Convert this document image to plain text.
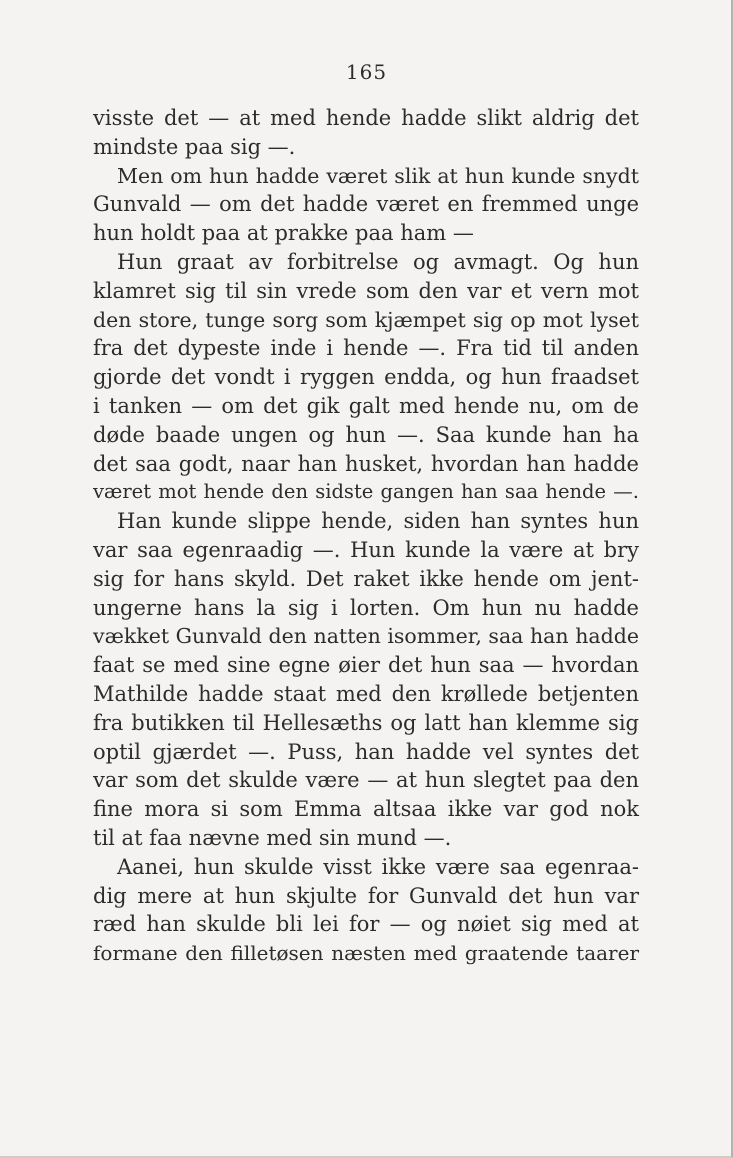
165
visste det — at med hende hadde slikt aldrig det
mindste paa sig —.
Men om hun hadde været slik at hun kunde snydt
Gunvald — om det hadde været en fremmed unge
hun holdt paa at prakke paa ham —
Hun graat av forbitrelse og avmagt. Og hun
klamret sig til sin vrede som den var et vern mot
den store, tunge sorg som kjæmpet sig op mot lyset
fra det dypeste inde i hende —. Fra tid til anden
gjorde det vondt i ryggen endda, og hun fraadset
i tanken — om det gik galt med hende nu, om de
døde baade ungen og hun —. Saa kunde han ha
det saa godt, naar han husket, hvordan han hadde
været mot hende den sidste gangen han saa hende —.
Han kunde slippe hende, siden han syntes hun
var saa egenraadig —. Hun kunde la være at bry
sig for hans skyld. Det raket ikke hende om jent-
ungerne hans la sig i lorten. Om hun nu hadde
vækket Gunvald den natten isommer, saa han hadde
faat se med sine egne øier det hun saa — hvordan
Mathilde hadde staat med den krøllede betjenten
fra butikken til Hellesæths og latt han klemme sig
optil gjærdet —. Puss, han hadde vel syntes det
var som det skulde være — at hun slegtet paa den
fine mora si som Emma altsaa ikke var god nok
til at faa nævne med sin mund —.
Aanei, hun skulde visst ikke være saa egenraa-
dig mere at hun skjulte for Gunvald det hun var
ræd han skulde bli lei for — og nøiet sig med at
formane den filletøsen næsten med graatende taarer
